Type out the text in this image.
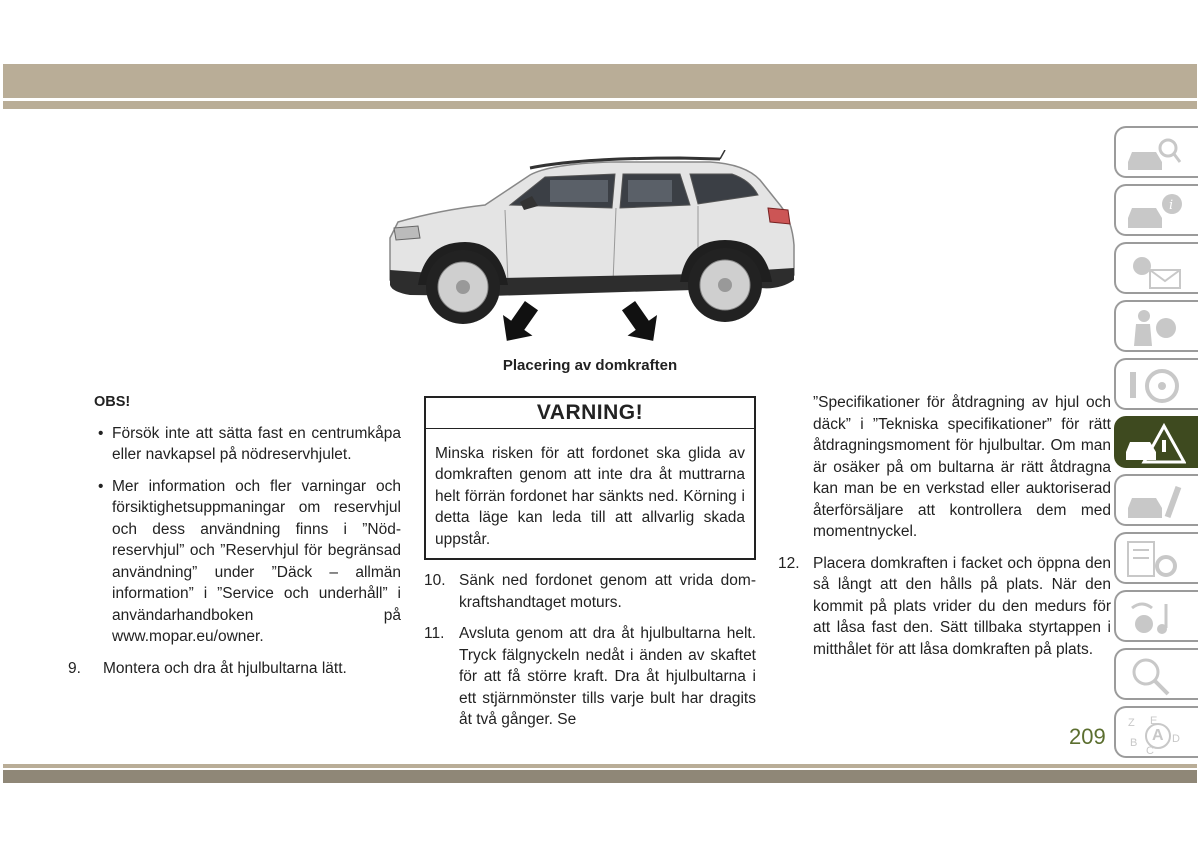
Placering av domkraften
OBS!
• Försök inte att sätta fast en centrumkåpa eller navkapsel på nödreservhjulet.
• Mer information och fler varningar och försiktighetsuppmaningar om reservhjul och dess användning finns i ”Nödreservhjul” och ”Reservhjul för begränsad användning” under ”Däck – allmän information” i ”Service och underhåll” i användarhandboken på www.mopar.eu/owner.
9. Montera och dra åt hjulbultarna lätt.
VARNING!
Minska risken för att fordonet ska glida av domkraften genom att inte dra åt muttrarna helt förrän fordonet har sänkts ned. Körning i detta läge kan leda till att allvarlig skada uppstår.
10. Sänk ned fordonet genom att vrida domkraftshandtaget moturs.
11. Avsluta genom att dra åt hjulbultarna helt. Tryck fälgnyckeln nedåt i änden av skaftet för att få större kraft. Dra åt hjulbultarna i ett stjärnmönster tills varje bult har dragits åt två gånger. Se
”Specifikationer för åtdragning av hjul och däck” i ”Tekniska specifikationer” för rätt åtdragningsmoment för hjulbultar. Om man är osäker på om bultarna är rätt åtdragna kan man be en verkstad eller auktoriserad återförsäljare att kontrollera dem med momentnyckel.
12. Placera domkraften i facket och öppna den så långt att den hålls på plats. När den kommit på plats vrider du den medurs för att låsa fast den. Sätt tillbaka styrtappen i mitthålet för att låsa domkraften på plats.
209
i
Z E
B A D
C
